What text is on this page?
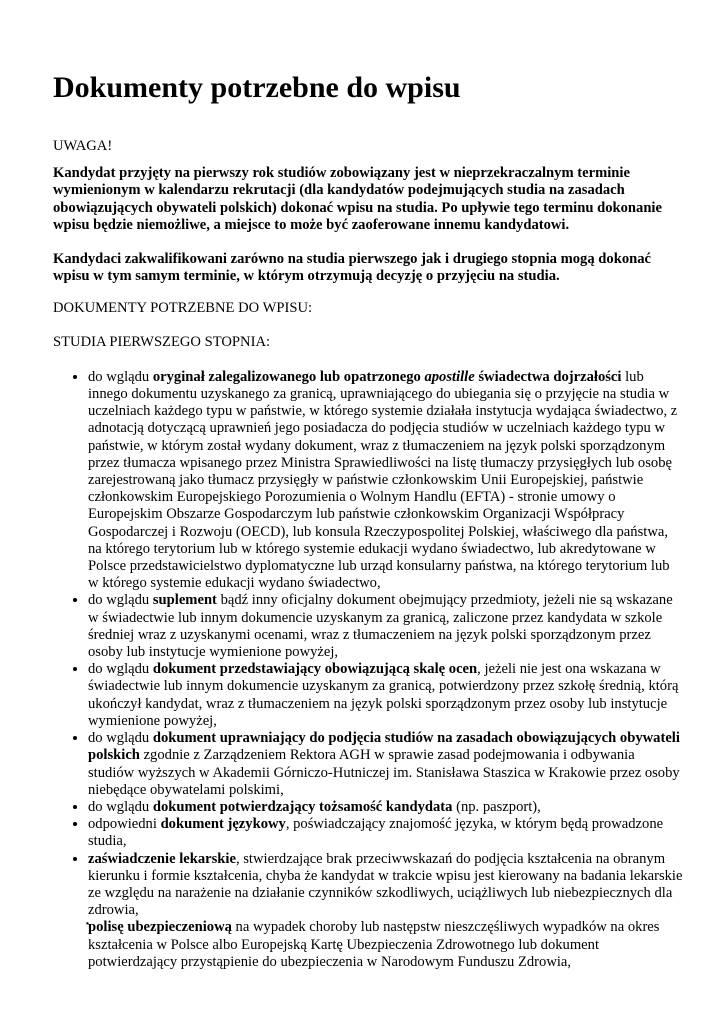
Dokumenty potrzebne do wpisu

UWAGA!

Kandydat przyjęty na pierwszy rok studiów zobowiązany jest w nieprzekraczalnym terminie wymienionym w kalendarzu rekrutacji (dla kandydatów podejmujących studia na zasadach obowiązujących obywateli polskich) dokonać wpisu na studia. Po upływie tego terminu dokonanie wpisu będzie niemożliwe, a miejsce to może być zaoferowane innemu kandydatowi.

Kandydaci zakwalifikowani zarówno na studia pierwszego jak i drugiego stopnia mogą dokonać wpisu w tym samym terminie, w którym otrzymują decyzję o przyjęciu na studia.

DOKUMENTY POTRZEBNE DO WPISU:

STUDIA PIERWSZEGO STOPNIA:

• do wglądu oryginał zalegalizowanego lub opatrzonego apostille świadectwa dojrzałości lub innego dokumentu uzyskanego za granicą, uprawniającego do ubiegania się o przyjęcie na studia w uczelniach każdego typu w państwie, w którego systemie działała instytucja wydająca świadectwo, z adnotacją dotyczącą uprawnień jego posiadacza do podjęcia studiów w uczelniach każdego typu w państwie, w którym został wydany dokument, wraz z tłumaczeniem na język polski sporządzonym przez tłumacza wpisanego przez Ministra Sprawiedliwości na listę tłumaczy przysięgłych lub osobę zarejestrowaną jako tłumacz przysięgły w państwie członkowskim Unii Europejskiej, państwie członkowskim Europejskiego Porozumienia o Wolnym Handlu (EFTA) - stronie umowy o Europejskim Obszarze Gospodarczym lub państwie członkowskim Organizacji Współpracy Gospodarczej i Rozwoju (OECD), lub konsula Rzeczypospolitej Polskiej, właściwego dla państwa, na którego terytorium lub w którego systemie edukacji wydano świadectwo, lub akredytowane w Polsce przedstawicielstwo dyplomatyczne lub urząd konsularny państwa, na którego terytorium lub w którego systemie edukacji wydano świadectwo,
• do wglądu suplement bądź inny oficjalny dokument obejmujący przedmioty, jeżeli nie są wskazane w świadectwie lub innym dokumencie uzyskanym za granicą, zaliczone przez kandydata w szkole średniej wraz z uzyskanymi ocenami, wraz z tłumaczeniem na język polski sporządzonym przez osoby lub instytucje wymienione powyżej,
• do wglądu dokument przedstawiający obowiązującą skalę ocen, jeżeli nie jest ona wskazana w świadectwie lub innym dokumencie uzyskanym za granicą, potwierdzony przez szkołę średnią, którą ukończył kandydat, wraz z tłumaczeniem na język polski sporządzonym przez osoby lub instytucje wymienione powyżej,
• do wglądu dokument uprawniający do podjęcia studiów na zasadach obowiązujących obywateli polskich zgodnie z Zarządzeniem Rektora AGH w sprawie zasad podejmowania i odbywania studiów wyższych w Akademii Górniczo-Hutniczej im. Stanisława Staszica w Krakowie przez osoby niebędące obywatelami polskimi,
• do wglądu dokument potwierdzający tożsamość kandydata (np. paszport),
• odpowiedni dokument językowy, poświadczający znajomość języka, w którym będą prowadzone studia,
• zaświadczenie lekarskie, stwierdzające brak przeciwwskazań do podjęcia kształcenia na obranym kierunku i formie kształcenia, chyba że kandydat w trakcie wpisu jest kierowany na badania lekarskie ze względu na narażenie na działanie czynników szkodliwych, uciążliwych lub niebezpiecznych dla zdrowia,
· polisę ubezpieczeniową na wypadek choroby lub następstw nieszczęśliwych wypadków na okres kształcenia w Polsce albo Europejską Kartę Ubezpieczenia Zdrowotnego lub dokument potwierdzający przystąpienie do ubezpieczenia w Narodowym Funduszu Zdrowia,
